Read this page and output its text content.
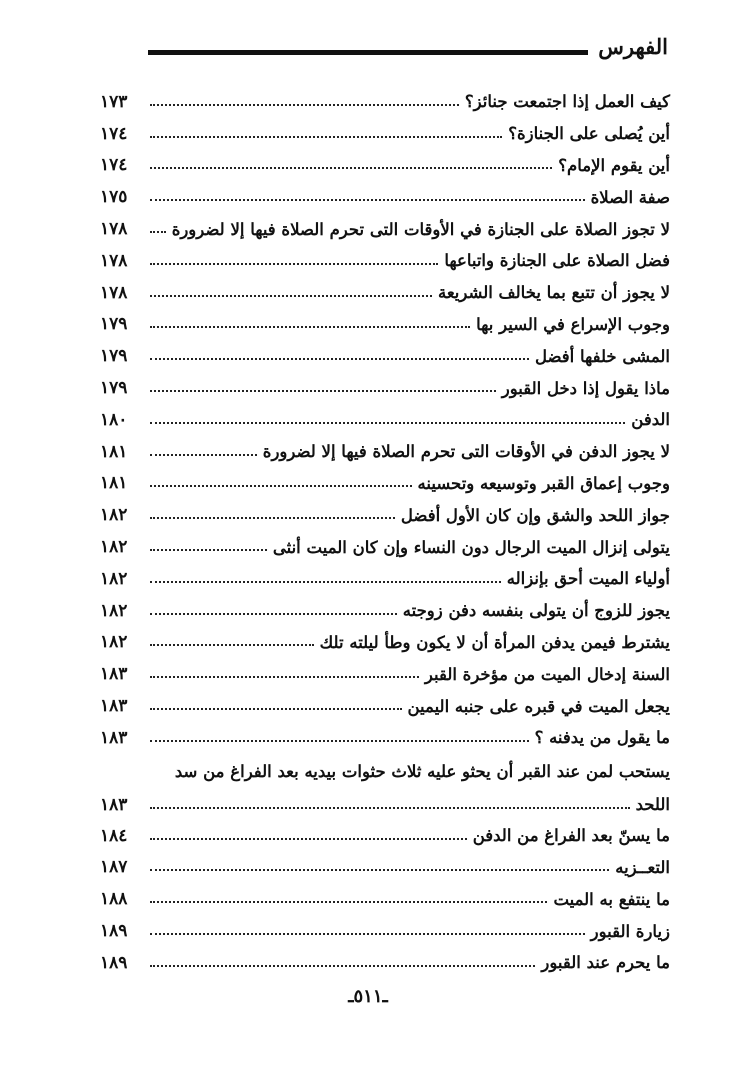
الفهرس
كيف العمل إذا اجتمعت جنائز؟
١٧٣
أين يُصلى على الجنازة؟
١٧٤
أين يقوم الإمام؟
١٧٤
صفة الصلاة
١٧٥
لا تجوز الصلاة على الجنازة في الأوقات التى تحرم الصلاة فيها إلا لضرورة
١٧٨
فضل الصلاة على الجنازة واتباعها
١٧٨
لا يجوز أن تتبع بما يخالف الشريعة
١٧٨
وجوب الإسراع في السير بها
١٧٩
المشى خلفها أفضل
١٧٩
ماذا يقول إذا دخل القبور
١٧٩
الدفن
١٨٠
لا يجوز الدفن في الأوقات التى تحرم الصلاة فيها إلا لضرورة
١٨١
وجوب إعماق القبر وتوسيعه وتحسينه
١٨١
جواز اللحد والشق وإن كان الأول أفضل
١٨٢
يتولى إنزال الميت الرجال دون النساء وإن كان الميت أنثى
١٨٢
أولياء الميت أحق بإنزاله
١٨٢
يجوز للزوج أن يتولى بنفسه دفن زوجته
١٨٢
يشترط فيمن يدفن المرأة أن لا يكون وطأ ليلته تلك
١٨٢
السنة إدخال الميت من مؤخرة القبر
١٨٣
يجعل الميت في قبره على جنبه اليمين
١٨٣
ما يقول من يدفنه ؟
١٨٣
يستحب لمن عند القبر أن يحثو عليه ثلاث حثوات بيديه بعد الفراغ من سد
اللحد
١٨٣
ما يسنّ بعد الفراغ من الدفن
١٨٤
التعــزيه
١٨٧
ما ينتفع به الميت
١٨٨
زيارة القبور
١٨٩
ما يحرم عند القبور
١٨٩
ـ٥١١ـ
